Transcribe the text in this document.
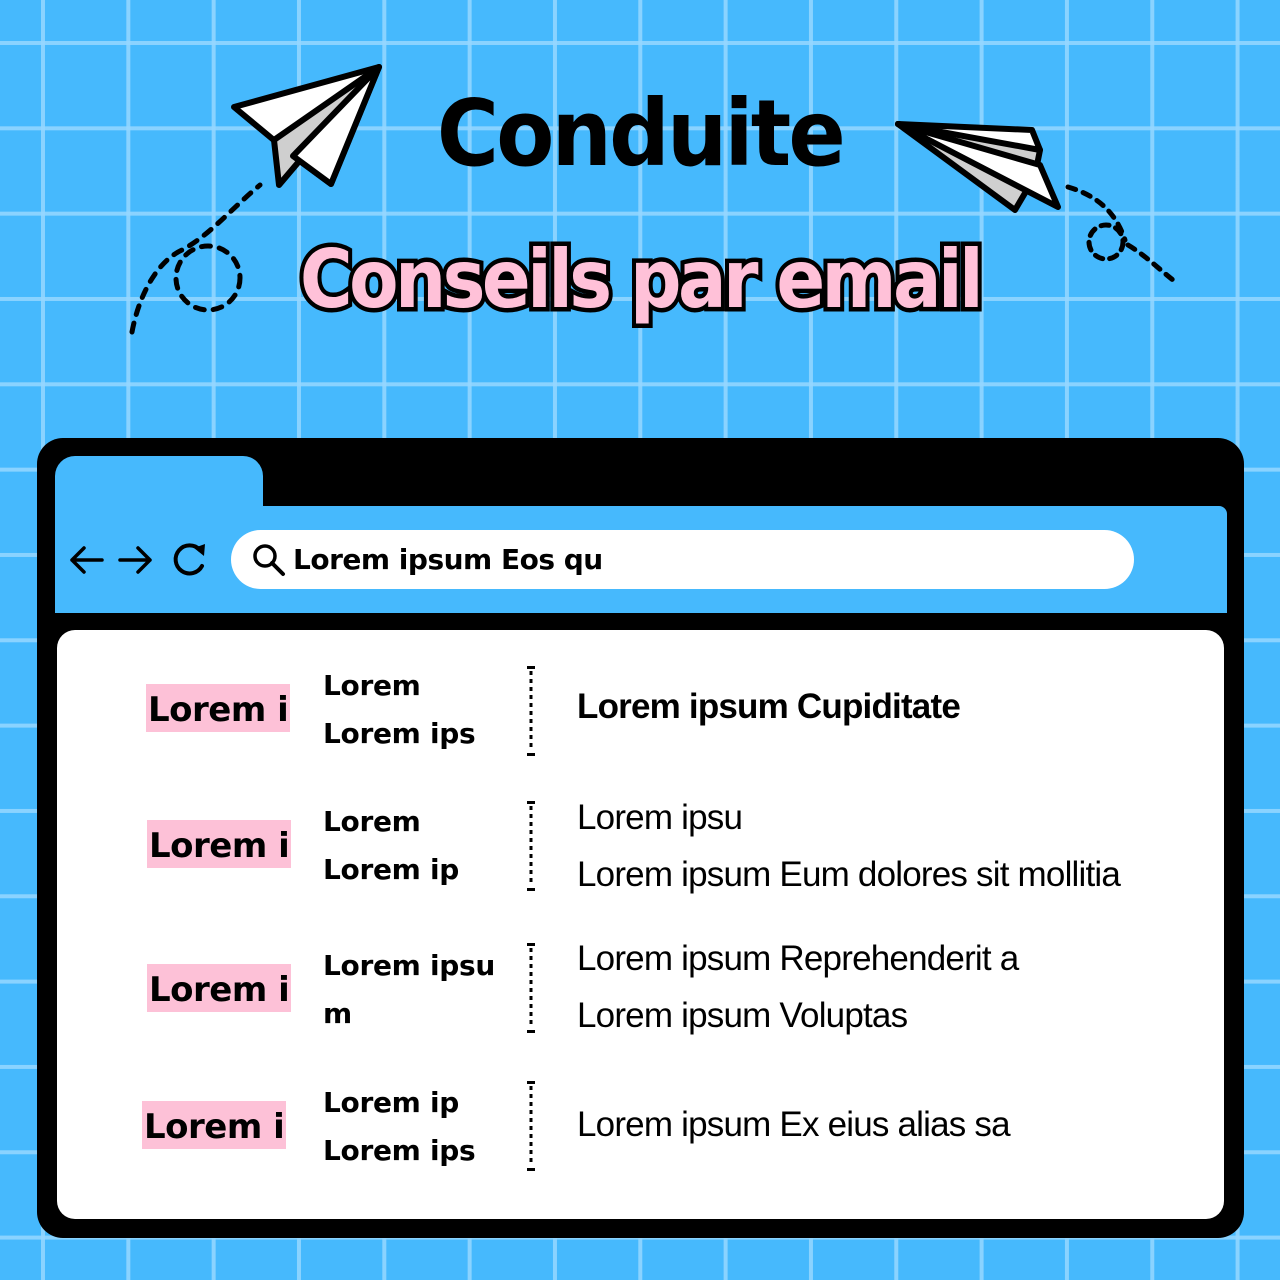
Conduite
Conseils par email
Lorem ipsum Eos qu
Lorem i
Lorem
Lorem ips
Lorem ipsum Cupiditate
Lorem i
Lorem
Lorem ip
Lorem ipsu
Lorem ipsum Eum dolores sit mollitia
Lorem i
Lorem ipsu
m
Lorem ipsum Reprehenderit a
Lorem ipsum Voluptas
Lorem i
Lorem ip
Lorem ips
Lorem ipsum Ex eius alias sa
